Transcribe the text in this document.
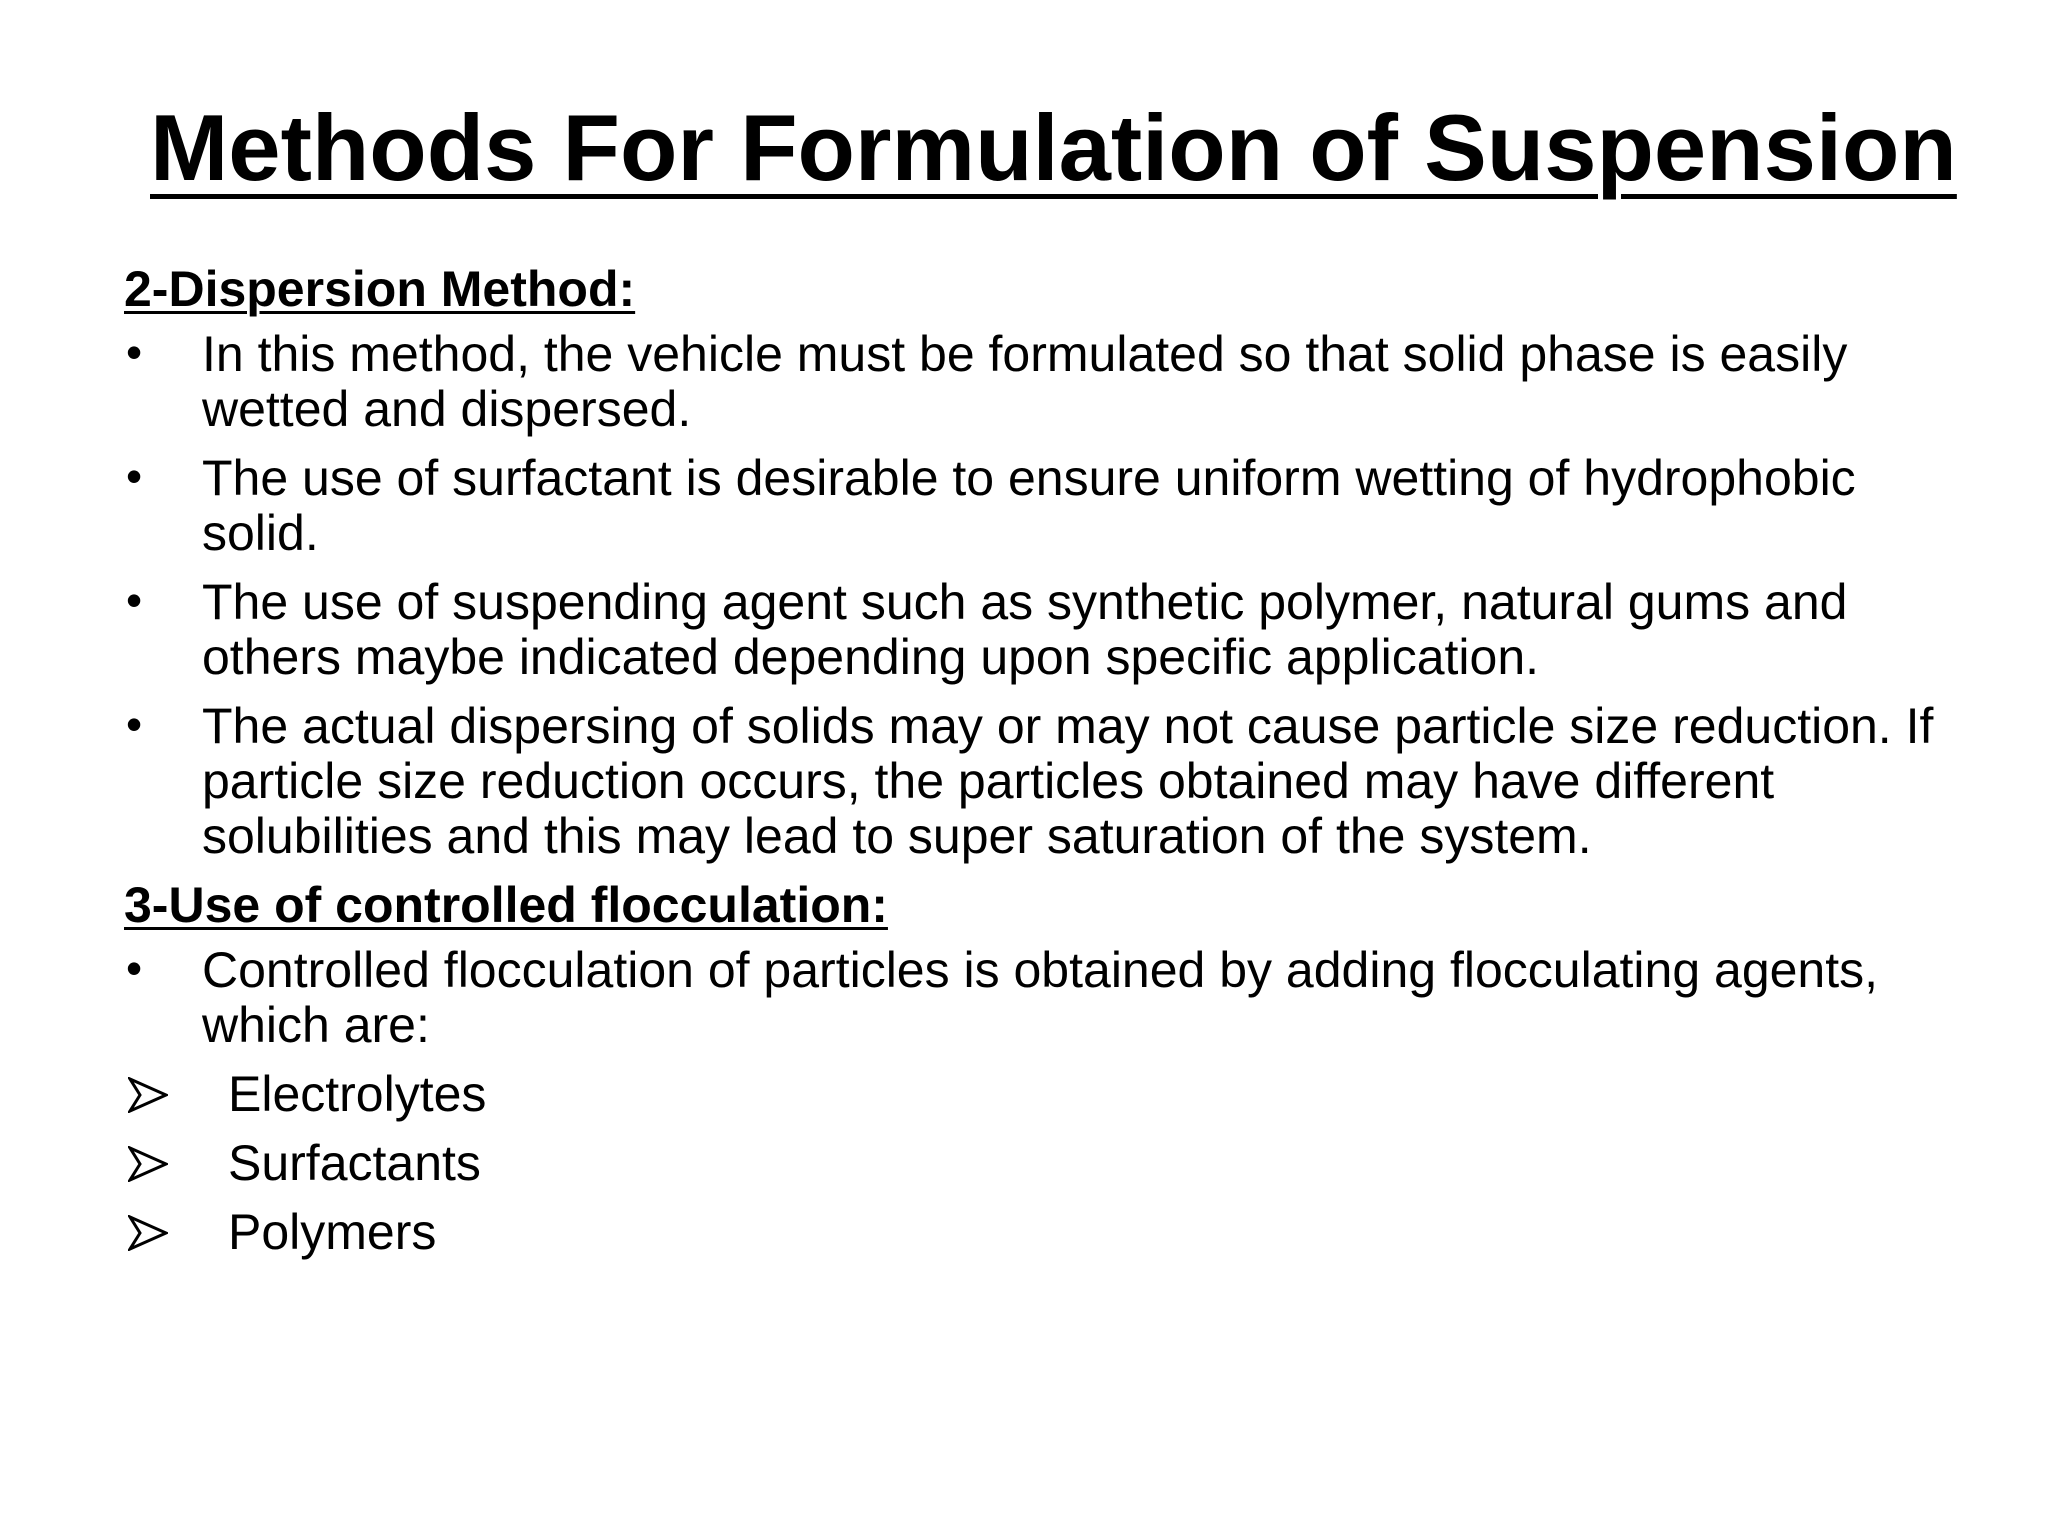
Methods For Formulation of Suspension
2-Dispersion Method:
•	In this method, the vehicle must be formulated so that solid phase is easily wetted and dispersed.
•	The use of surfactant is desirable to ensure uniform wetting of hydrophobic solid.
•	The use of suspending agent such as synthetic polymer, natural gums and others maybe indicated depending upon specific application.
•	The actual dispersing of solids may or may not cause particle size reduction. If particle size reduction occurs, the particles obtained may have different solubilities and this may lead to super saturation of the system.
3-Use of controlled flocculation:
•	Controlled flocculation of particles is obtained by adding flocculating agents, which are:
Electrolytes
Surfactants
Polymers
